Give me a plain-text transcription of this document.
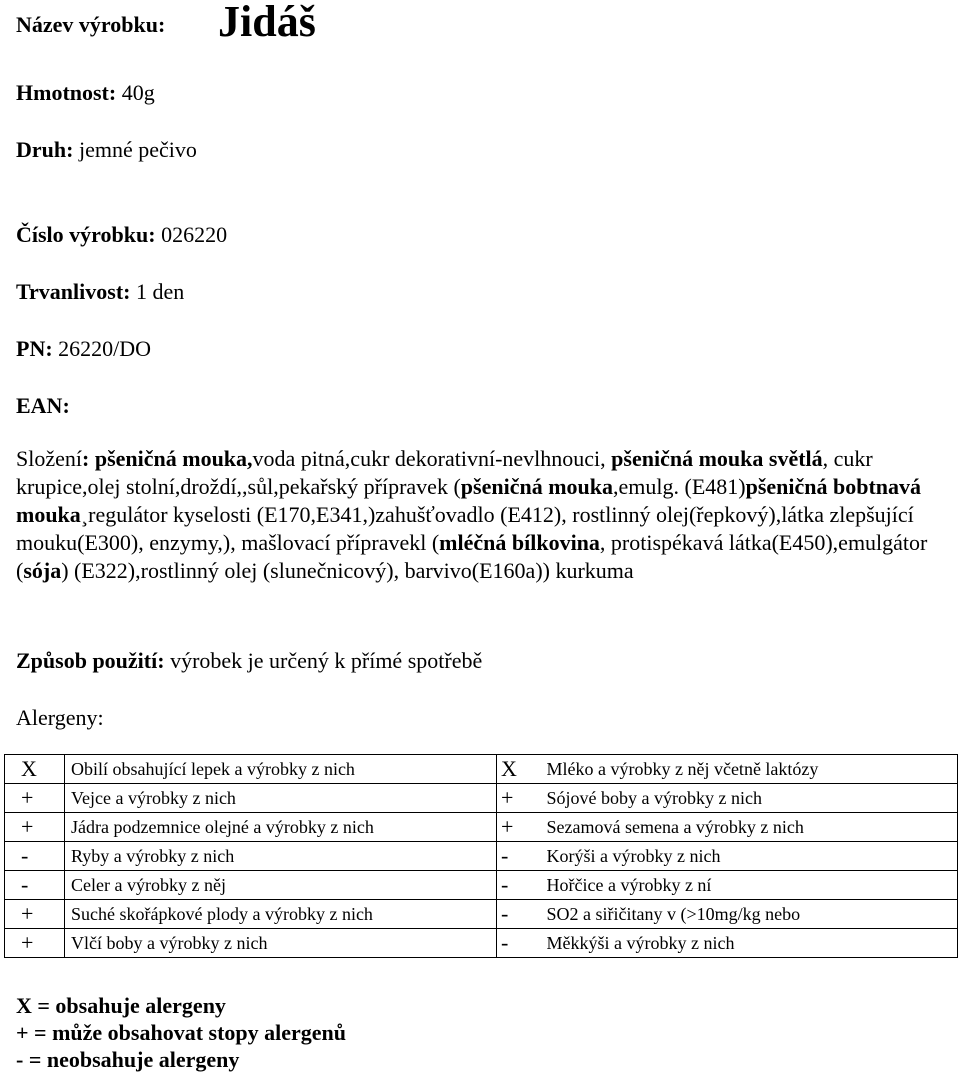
Název výrobku: Jidáš
Hmotnost: 40g
Druh: jemné pečivo
Číslo výrobku: 026220
Trvanlivost: 1 den
PN: 26220/DO
EAN:
Složení: pšeničná mouka,voda pitná,cukr dekorativní-nevlhnouci, pšeničná mouka světlá, cukr krupice,olej stolní,droždí,,sůl,pekařský přípravek (pšeničná mouka,emulg. (E481)pšeničná bobtnavá mouka¸regulátor kyselosti (E170,E341,)zahušťovadlo (E412), rostlinný olej(řepkový),látka zlepšující mouku(E300), enzymy,), mašlovací přípravekl (mléčná bílkovina, protispékavá látka(E450),emulgátor (sója) (E322),rostlinný olej (slunečnicový), barvivo(E160a)) kurkuma
Způsob použití: výrobek je určený k přímé spotřebě
Alergeny:
X	Obilí obsahující lepek a výrobky z nich	X	Mléko a výrobky z něj včetně laktózy
+	Vejce a výrobky z nich	+	Sójové boby a výrobky z nich
+	Jádra podzemnice olejné a výrobky z nich	+	Sezamová semena a výrobky z nich
-	Ryby a výrobky z nich	-	Korýši a výrobky z nich
-	Celer a výrobky z něj	-	Hořčice a výrobky z ní
+	Suché skořápkové plody a výrobky z nich	-	SO2 a siřičitany v (>10mg/kg nebo
+	Vlčí boby a výrobky z nich	-	Měkkýši a výrobky z nich
X = obsahuje alergeny
+ = může obsahovat stopy alergenů
- = neobsahuje alergeny
